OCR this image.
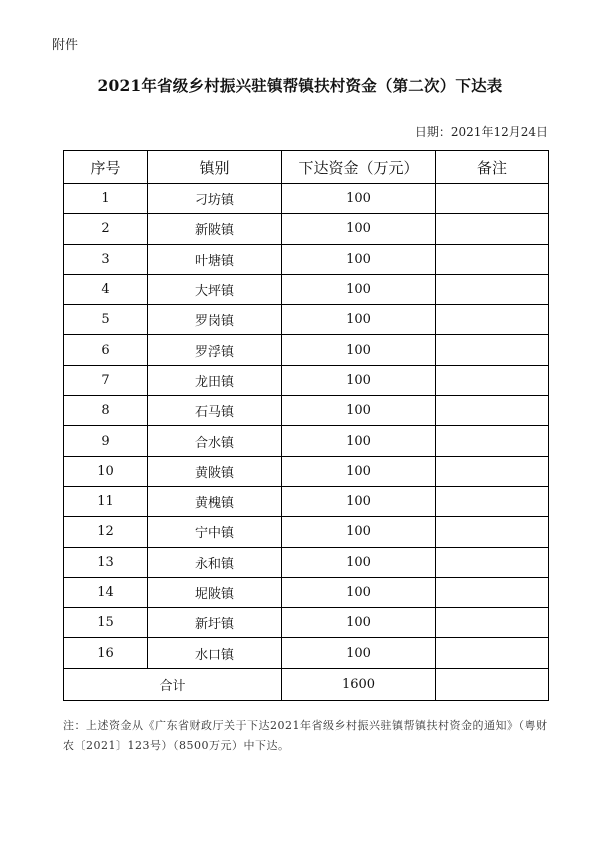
附件
2021年省级乡村振兴驻镇帮镇扶村资金（第二次）下达表
日期：2021年12月24日
序号	镇别	下达资金（万元）	备注
1	刁坊镇	100	
2	新陂镇	100	
3	叶塘镇	100	
4	大坪镇	100	
5	罗岗镇	100	
6	罗浮镇	100	
7	龙田镇	100	
8	石马镇	100	
9	合水镇	100	
10	黄陂镇	100	
11	黄槐镇	100	
12	宁中镇	100	
13	永和镇	100	
14	坭陂镇	100	
15	新圩镇	100	
16	水口镇	100	
合计		1600	
注：上述资金从《广东省财政厅关于下达2021年省级乡村振兴驻镇帮镇扶村资金的通知》（粤财农〔2021〕123号）（8500万元）中下达。
